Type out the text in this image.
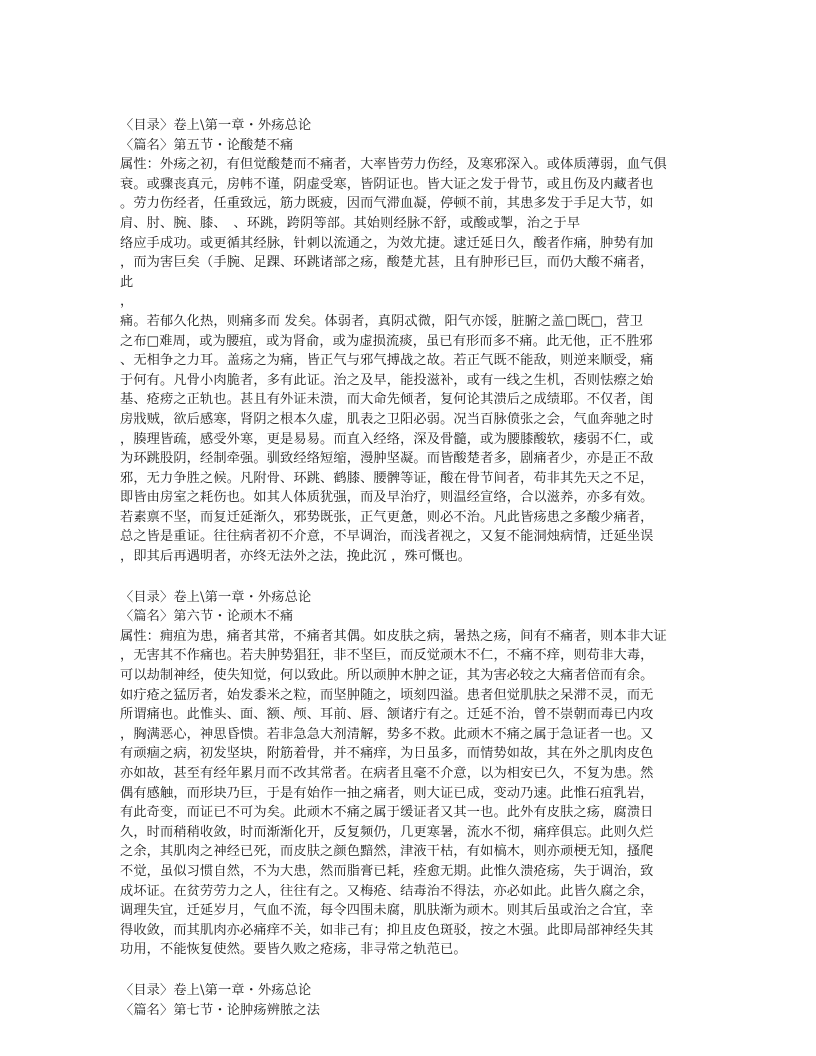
〈目录〉卷上\第一章・外疡总论
〈篇名〉第五节・论酸楚不痛
属性：外疡之初，有但觉酸楚而不痛者，大率皆劳力伤经，及寒邪深入。或体质薄弱，血气俱
衰。或骤丧真元，房帏不谨，阴虚受寒，皆阴证也。皆大证之发于骨节，或且伤及内藏者也
。劳力伤经者，任重致远，筋力既疲，因而气滞血凝，停顿不前，其患多发于手足大节，如
肩、肘、腕、膝、　、环跳，跨阴等部。其始则经脉不舒，或酸或掣，治之于早
络应手成功。或更循其经脉，针刺以流通之，为效尤捷。逮迁延日久，酸者作痛，肿势有加
，而为害巨矣（手腕、足踝、环跳诸部之疡，酸楚尤甚，且有肿形已巨，而仍大酸不痛者，
此
，
痛。若郁久化热，则痛多而 发矣。体弱者，真阴忒微，阳气亦馁，脏腑之盖□既□，营卫
之布□难周，或为腰疽，或为肾俞，或为虚损流痰，虽已有形而多不痛。此无他，正不胜邪
、无相争之力耳。盖疡之为痛，皆正气与邪气搏战之故。若正气既不能敌，则逆来顺受，痛
于何有。凡骨小肉脆者，多有此证。治之及早，能投滋补，或有一线之生机，否则怯瘵之始
基、疮痨之正轨也。甚且有外证未溃，而大命先倾者，复何论其溃后之成绩耶。不仅者，闺
房戕贼，欲后感寒，肾阴之根本久虚，肌表之卫阳必弱。况当百脉偾张之会，气血奔驰之时
，腠理皆疏，感受外寒，更是易易。而直入经络，深及骨髓，或为腰膝酸软，痿弱不仁，或
为环跳股阴，经制牵强。驯致经络短缩，漫肿坚凝。而皆酸楚者多，剧痛者少，亦是正不敌
邪，无力争胜之候。凡附骨、环跳、鹤膝、腰髀等证，酸在骨节间者，苟非其先天之不足，
即皆由房室之耗伤也。如其人体质犹强，而及早治疗，则温经宣络，合以滋养，亦多有效。
若素禀不坚，而复迁延渐久，邪势既张，正气更惫，则必不治。凡此皆疡患之多酸少痛者，
总之皆是重证。往往病者初不介意，不早调治，而浅者视之，又复不能洞烛病情，迁延坐误
，即其后再遇明者，亦终无法外之法，挽此沉 ，殊可慨也。
〈目录〉卷上\第一章・外疡总论
〈篇名〉第六节・论顽木不痛
属性：痈疽为患，痛者其常，不痛者其偶。如皮肤之病，暑热之疡，间有不痛者，则本非大证
，无害其不作痛也。若夫肿势猖狂，非不坚巨，而反觉顽木不仁，不痛不痒，则苟非大毒，
可以劫制神经，使失知觉，何以致此。所以顽肿木肿之证，其为害必较之大痛者倍而有余。
如疔疮之猛厉者，始发黍米之粒，而坚肿随之，顷刻四溢。患者但觉肌肤之呆滞不灵，而无
所谓痛也。此惟头、面、额、颅、耳前、唇、颔诸疔有之。迁延不治，曾不崇朝而毒已内攻
，胸满恶心，神思昏愦。若非急急大剂清解，势多不救。此顽木不痛之属于急证者一也。又
有顽痼之病，初发坚块，附筋着骨，并不痛痒，为日虽多，而情势如故，其在外之肌肉皮色
亦如故，甚至有经年累月而不改其常者。在病者且毫不介意，以为相安已久，不复为患。然
偶有感触，而形块乃巨，于是有始作一抽之痛者，则大证已成，变动乃速。此惟石疽乳岩，
有此奇变，而证已不可为矣。此顽木不痛之属于缓证者又其一也。此外有皮肤之疡，腐溃日
久，时而稍稍收敛，时而渐渐化开，反复频仍，几更寒暑，流水不彻，痛痒俱忘。此则久烂
之余，其肌肉之神经已死，而皮肤之颜色黯然，津液干枯，有如槁木，则亦顽梗无知，搔爬
不觉，虽似习惯自然，不为大患，然而脂膏已耗，痊愈无期。此惟久溃疮疡，失于调治，致
成坏证。在贫劳劳力之人，往往有之。又梅疮、结毒治不得法，亦必如此。此皆久腐之余，
调理失宜，迁延岁月，气血不流，每令四围未腐，肌肤渐为顽木。则其后虽或治之合宜，幸
得收敛，而其肌肉亦必痛痒不关，如非己有；抑且皮色斑驳，按之木强。此即局部神经失其
功用，不能恢复使然。要皆久败之疮疡，非寻常之轨范已。
〈目录〉卷上\第一章・外疡总论
〈篇名〉第七节・论肿疡辨脓之法
